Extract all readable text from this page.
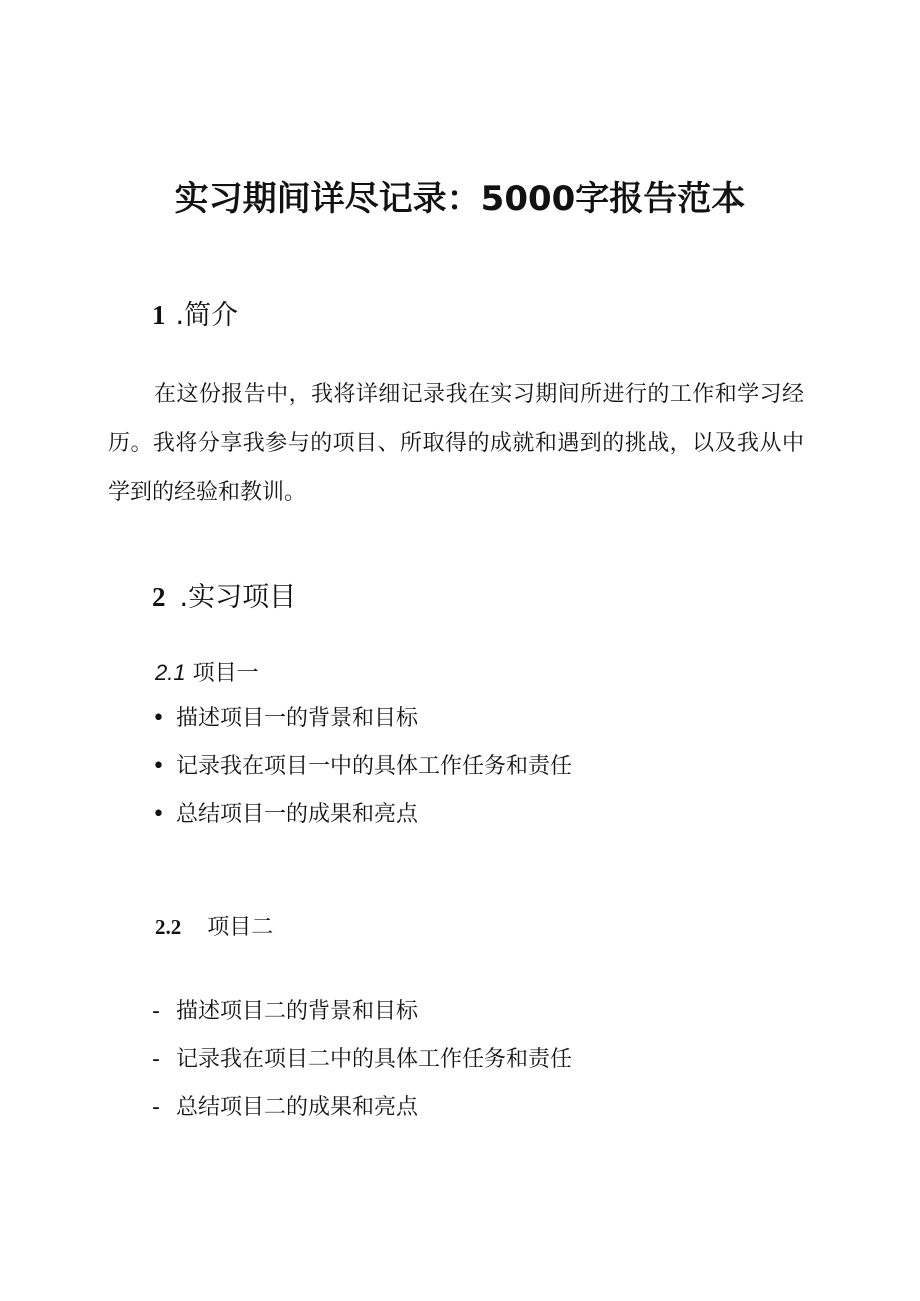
实习期间详尽记录：5000字报告范本
1 .简介

在这份报告中，我将详细记录我在实习期间所进行的工作和学习经历。我将分享我参与的项目、所取得的成就和遇到的挑战，以及我从中学到的经验和教训。

2 .实习项目
2.1 项目一
• 描述项目一的背景和目标
• 记录我在项目一中的具体工作任务和责任
• 总结项目一的成果和亮点
2.2 项目二
- 描述项目二的背景和目标
- 记录我在项目二中的具体工作任务和责任
- 总结项目二的成果和亮点
